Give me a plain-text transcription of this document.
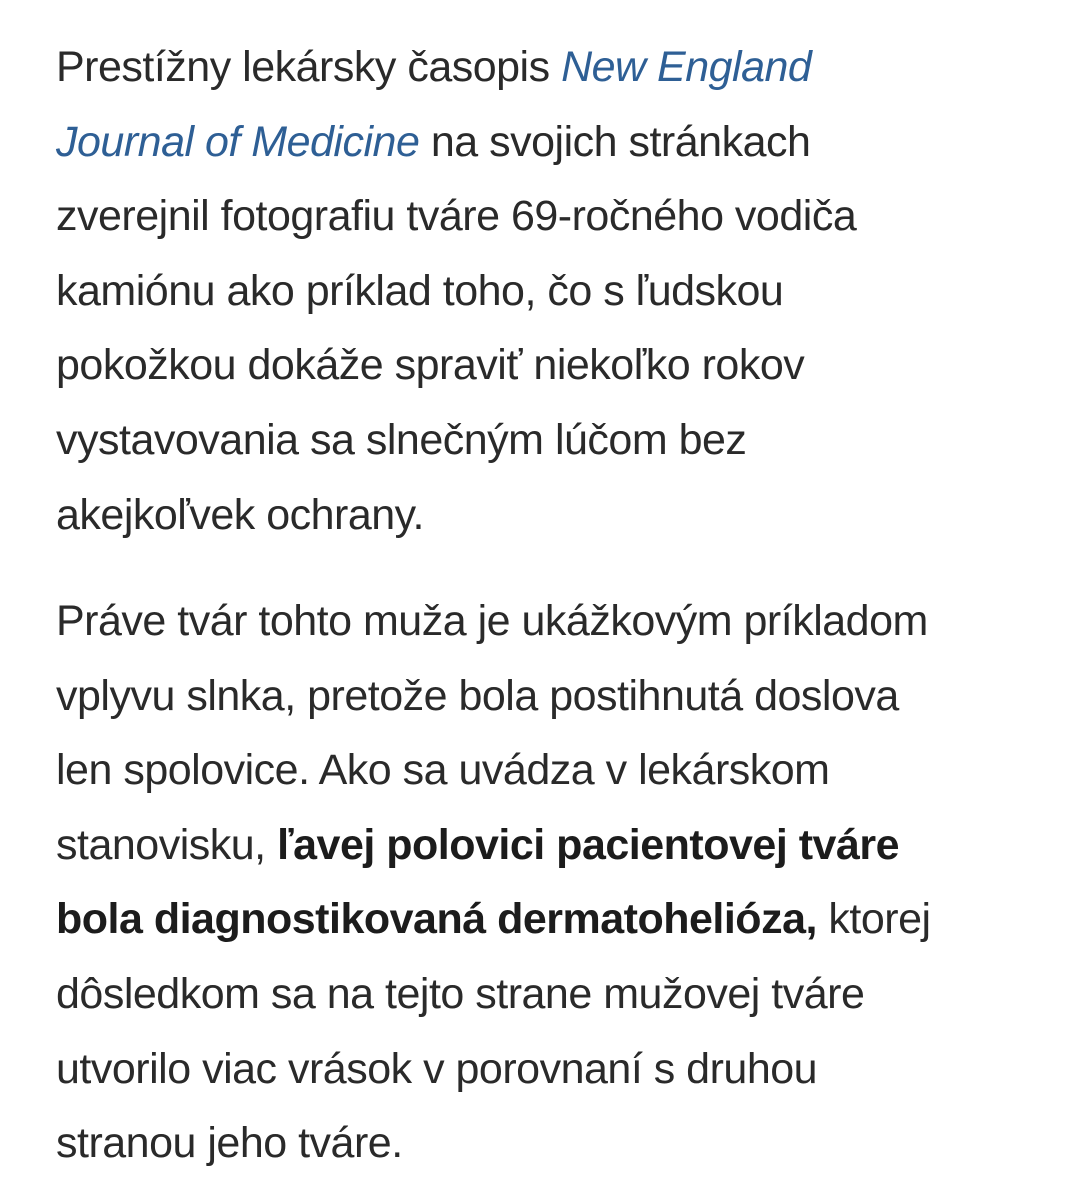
Prestížny lekársky časopis New England
Journal of Medicine na svojich stránkach
zverejnil fotografiu tváre 69-ročného vodiča
kamiónu ako príklad toho, čo s ľudskou
pokožkou dokáže spraviť niekoľko rokov
vystavovania sa slnečným lúčom bez
akejkoľvek ochrany.

Práve tvár tohto muža je ukážkovým príkladom
vplyvu slnka, pretože bola postihnutá doslova
len spolovice. Ako sa uvádza v lekárskom
stanovisku, ľavej polovici pacientovej tváre
bola diagnostikovaná dermatohelióza, ktorej
dôsledkom sa na tejto strane mužovej tváre
utvorilo viac vrások v porovnaní s druhou
stranou jeho tváre.
